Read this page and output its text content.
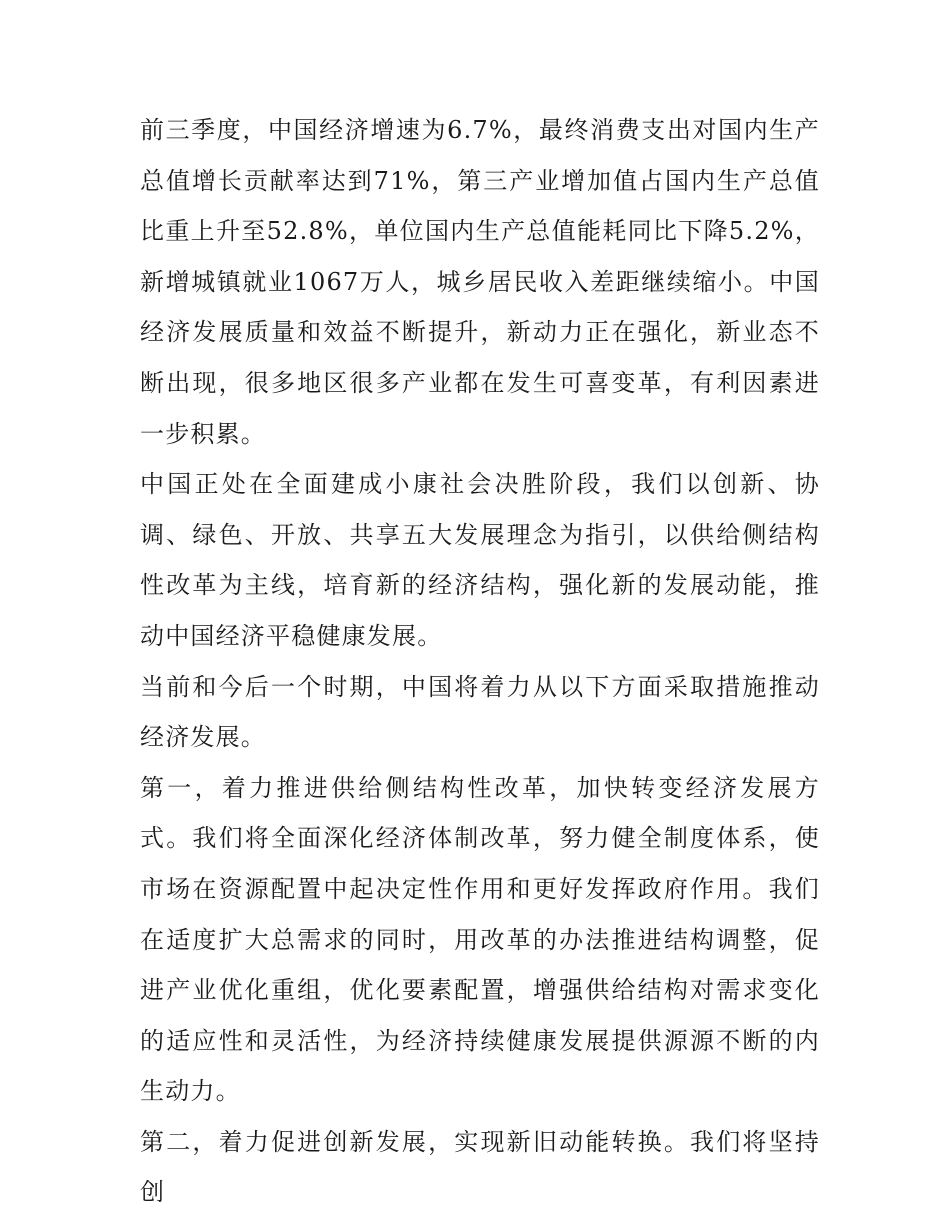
前三季度，中国经济增速为6.7%，最终消费支出对国内生产总值增长贡献率达到71%，第三产业增加值占国内生产总值比重上升至52.8%，单位国内生产总值能耗同比下降5.2%，新增城镇就业1067万人，城乡居民收入差距继续缩小。中国经济发展质量和效益不断提升，新动力正在强化，新业态不断出现，很多地区很多产业都在发生可喜变革，有利因素进一步积累。

中国正处在全面建成小康社会决胜阶段，我们以创新、协调、绿色、开放、共享五大发展理念为指引，以供给侧结构性改革为主线，培育新的经济结构，强化新的发展动能，推动中国经济平稳健康发展。

当前和今后一个时期，中国将着力从以下方面采取措施推动经济发展。

第一，着力推进供给侧结构性改革，加快转变经济发展方式。我们将全面深化经济体制改革，努力健全制度体系，使市场在资源配置中起决定性作用和更好发挥政府作用。我们在适度扩大总需求的同时，用改革的办法推进结构调整，促进产业优化重组，优化要素配置，增强供给结构对需求变化的适应性和灵活性，为经济持续健康发展提供源源不断的内生动力。

第二，着力促进创新发展，实现新旧动能转换。我们将坚持创
